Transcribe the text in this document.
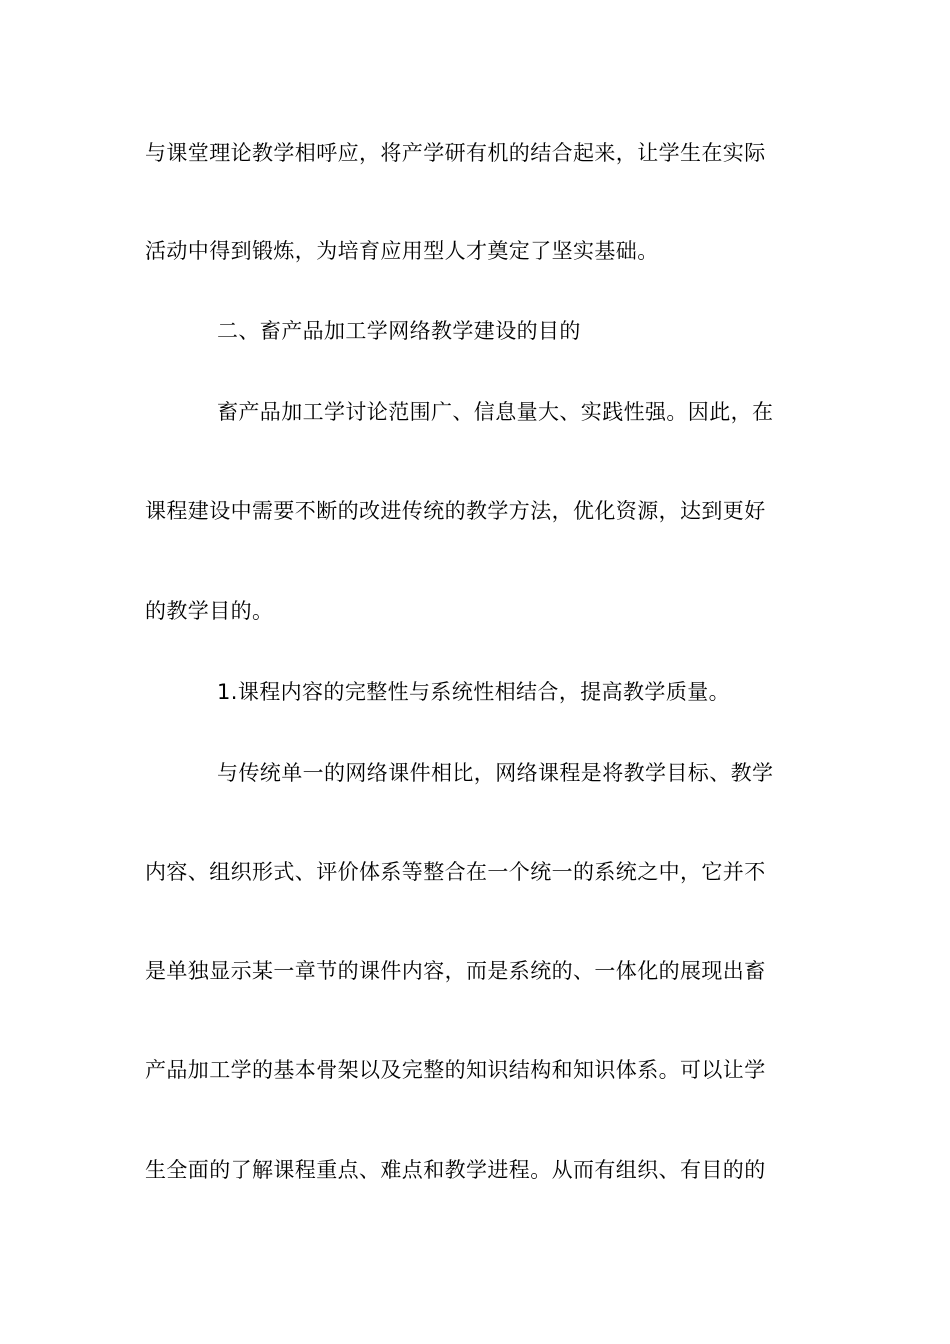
与课堂理论教学相呼应，将产学研有机的结合起来，让学生在实际
活动中得到锻炼，为培育应用型人才奠定了坚实基础。
二、畜产品加工学网络教学建设的目的
畜产品加工学讨论范围广、信息量大、实践性强。因此，在
课程建设中需要不断的改进传统的教学方法，优化资源，达到更好
的教学目的。
1.课程内容的完整性与系统性相结合，提高教学质量。
与传统单一的网络课件相比，网络课程是将教学目标、教学
内容、组织形式、评价体系等整合在一个统一的系统之中，它并不
是单独显示某一章节的课件内容，而是系统的、一体化的展现出畜
产品加工学的基本骨架以及完整的知识结构和知识体系。可以让学
生全面的了解课程重点、难点和教学进程。从而有组织、有目的的
